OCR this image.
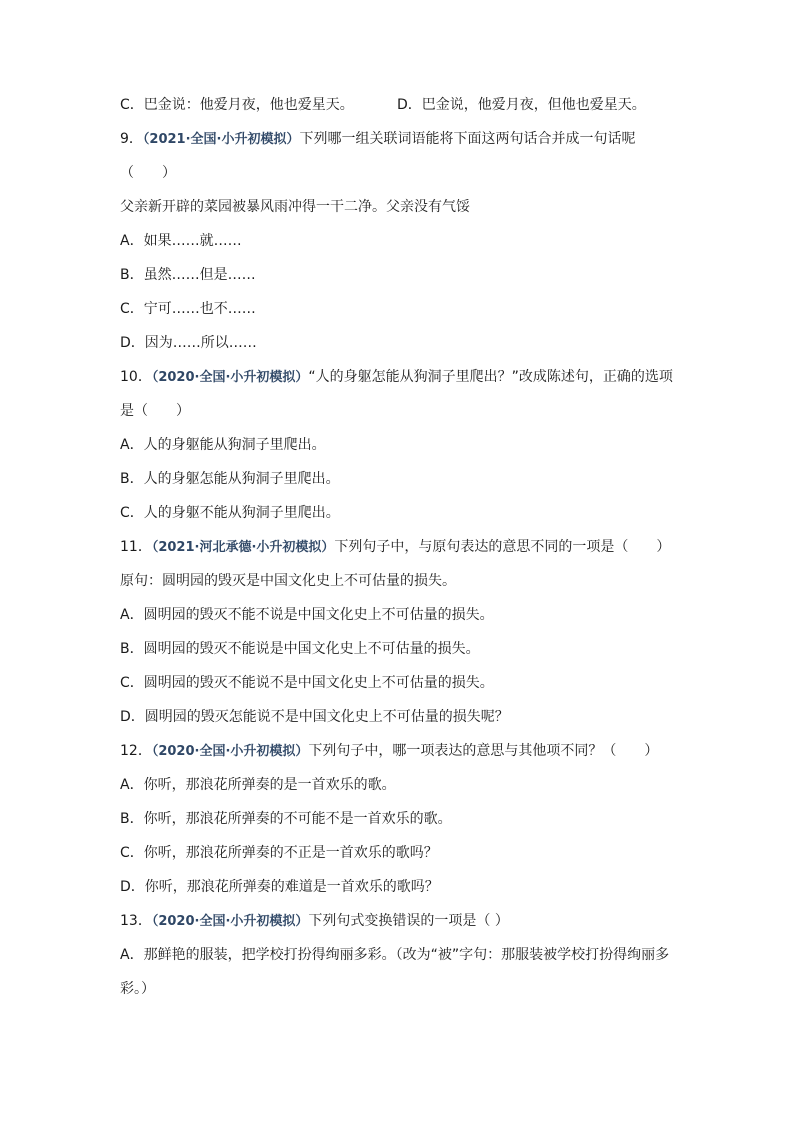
C．巴金说：他爱月夜，他也爱星天。	D．巴金说，他爱月夜，但他也爱星天。
9．（2021·全国·小升初模拟）下列哪一组关联词语能将下面这两句话合并成一句话呢
（　　）
父亲新开辟的菜园被暴风雨冲得一干二净。父亲没有气馁
A．如果……就……
B．虽然……但是……
C．宁可……也不……
D．因为……所以……
10．（2020·全国·小升初模拟）“人的身躯怎能从狗洞子里爬出？”改成陈述句，正确的选项
是（　　）
A．人的身躯能从狗洞子里爬出。
B．人的身躯怎能从狗洞子里爬出。
C．人的身躯不能从狗洞子里爬出。
11．（2021·河北承德·小升初模拟）下列句子中，与原句表达的意思不同的一项是（　　）
原句：圆明园的毁灭是中国文化史上不可估量的损失。
A．圆明园的毁灭不能不说是中国文化史上不可估量的损失。
B．圆明园的毁灭不能说是中国文化史上不可估量的损失。
C．圆明园的毁灭不能说不是中国文化史上不可估量的损失。
D．圆明园的毁灭怎能说不是中国文化史上不可估量的损失呢？
12．（2020·全国·小升初模拟）下列句子中，哪一项表达的意思与其他项不同？（　　）
A．你听，那浪花所弹奏的是一首欢乐的歌。
B．你听，那浪花所弹奏的不可能不是一首欢乐的歌。
C．你听，那浪花所弹奏的不正是一首欢乐的歌吗？
D．你听，那浪花所弹奏的难道是一首欢乐的歌吗？
13．（2020·全国·小升初模拟）下列句式变换错误的一项是（ ）
A．那鲜艳的服装，把学校打扮得绚丽多彩。（改为“被”字句：那服装被学校打扮得绚丽多
彩。）
